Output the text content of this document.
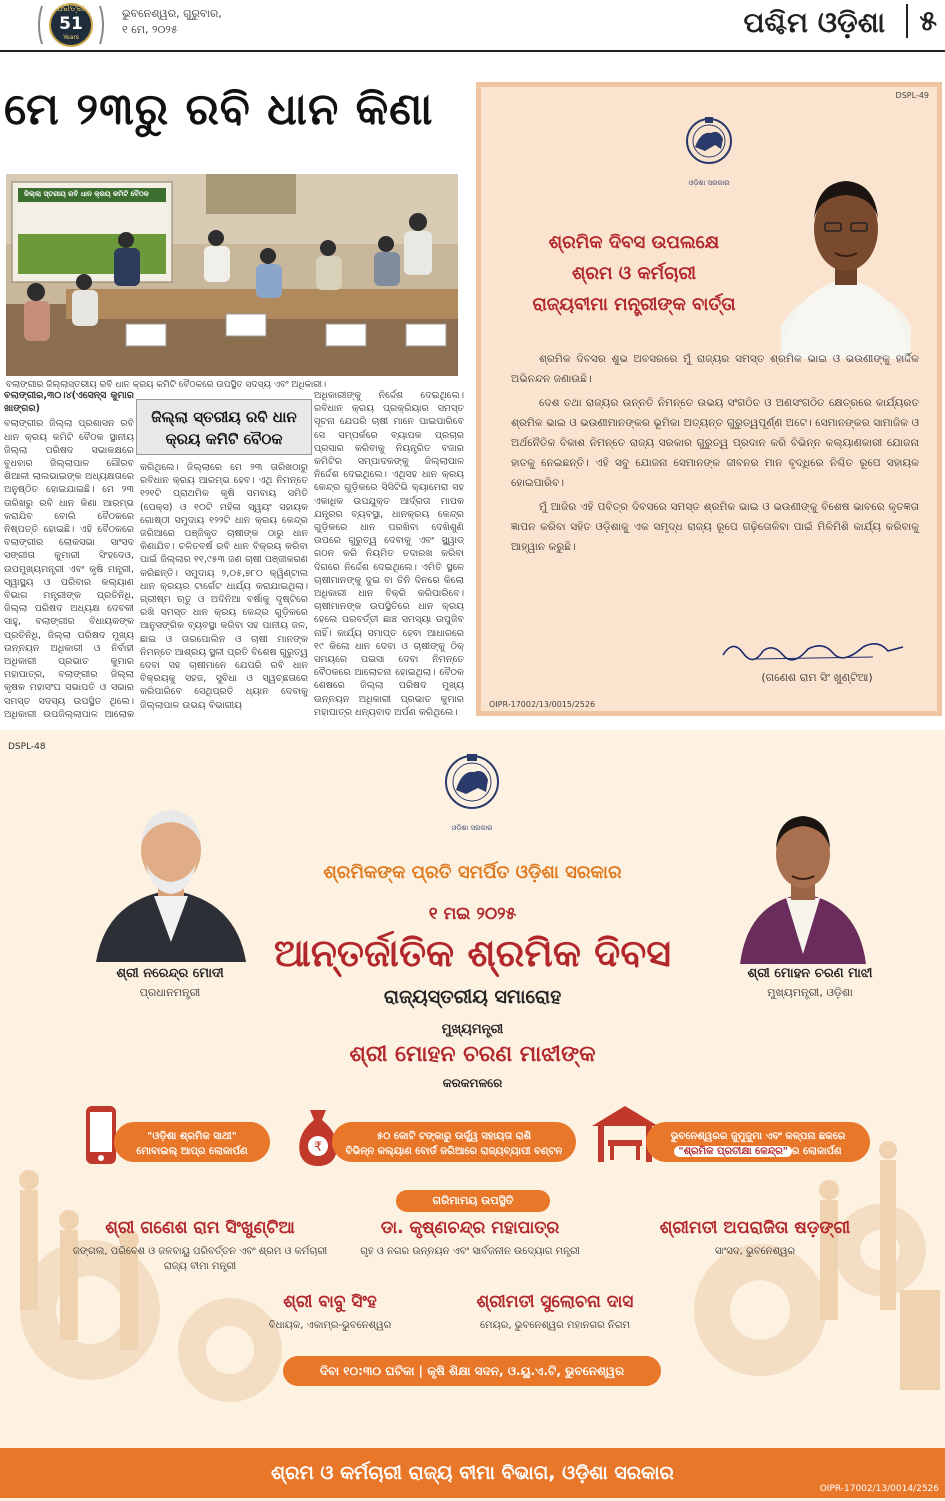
ଧରିତ୍ରୀ
51
Years
ଭୁବନେଶ୍ୱର, ଗୁରୁବାର,
୧ ମେ, ୨୦୨୫	ପଶ୍ଚିମ ଓଡ଼ିଶା	୫
ମେ ୨୩ରୁ ରବି ଧାନ କିଣା
ଜିଲ୍ଲା ସ୍ତରୀୟ ରବି ଧାନ କ୍ରୟ କମିଟି ବୈଠକ
ବଲାଙ୍ଗୀର ଜିଲ୍ଲାସ୍ତରୀୟ ରବି ଧାନ କ୍ରୟ କମିଟି ବୈଠକରେ ଉପସ୍ଥିତ ସଦସ୍ୟ ଏବଂ ଅଧିକାରୀ।
ଜିଲ୍ଲା ସ୍ତରୀୟ ରବି ଧାନ
କ୍ରୟ କମିଟି ବୈଠକ

ବଲାଙ୍ଗୀର,୩୦।୪(ଏସେନ୍ସ କୁମାର ଖାଙ୍ଗର)

ବଲାଙ୍ଗୀର ଜିଲ୍ଲା ପ୍ରଶାସନ ରବି ଧାନ କ୍ରୟ କମିଟି ବୈଠକ ସ୍ଥାନୀୟ ଜିଲ୍ଲା ପରିଷଦ ସଭାକକ୍ଷରେ ବୁଧବାର ଜିଲ୍ଲାପାଳ ଗୌରବ ଶିଆଳୀ ଲାଲଭାଇଙ୍କ ଅଧ୍ୟକ୍ଷତାରେ ଅନୁଷ୍ଠିତ ହୋଇଯାଇଛି। ମେ ୨୩ ତାରିଖରୁ ରବି ଧାନ କିଣା ଆରମ୍ଭ କରାଯିବ ବୋଲି ବୈଠକରେ ନିଷ୍ପତ୍ତି ହୋଇଛି। ଏହି ବୈଠକରେ ବଲାଙ୍ଗୀର ଲୋକସଭା ସାଂସଦ ସଙ୍ଗୀତା କୁମାରୀ ସିଂହଦେଓ, ଉପମୁଖ୍ୟମନ୍ତ୍ରୀ ଏବଂ କୃଷି ମନ୍ତ୍ରୀ, ସ୍ୱାସ୍ଥ୍ୟ ଓ ପରିବାର କଲ୍ୟାଣ ବିଭାଗ ମନ୍ତ୍ରୀଙ୍କ ପ୍ରତିନିଧି, ଜିଲ୍ଲା ପରିଷଦ ଅଧ୍ୟକ୍ଷ ଦେବକୀ ସାହୁ, ବଲାଙ୍ଗୀର ବିଧାୟକଙ୍କ ପ୍ରତିନିଧି, ଜିଲ୍ଲା ପରିଷଦ ମୁଖ୍ୟ ଉନ୍ନୟନ ଅଧିକାରୀ ଓ ନିର୍ବାହୀ ଅଧିକାରୀ ପ୍ରଭାତ କୁମାର ମହାପାତ୍ର, ବଲାଙ୍ଗୀର ଜିଲ୍ଲା କୃଷକ ମହାସଂଘ ସଭାପତି ଓ ସଭାର ସମସ୍ତ ସଦସ୍ୟ ଉପସ୍ଥିତ ଥିଲେ। ଅଧିକାରୀ ଉପଜିଲ୍ଲାପାଳ ଆଲୋକ

କରିଥିଲେ। ଜିଲ୍ଲାରେ ମେ ୨୩ ତାରିଖଠାରୁ ରବିଧାନ କ୍ରୟ ଆରମ୍ଭ ହେବ। ଏଥି ନିମନ୍ତେ ୧୨୧ଟି ପ୍ରାଥମିକ କୃଷି ସମବାୟ ସମିତି (ପେକ୍ସ) ଓ ୧୦ଟି ମହିଳା ସ୍ୱୟଂ ସହାୟକ ଗୋଷ୍ଠୀ ସମୁଦାୟ ୧୨୨ଟି ଧାନ କ୍ରୟ କେନ୍ଦ୍ର ଜରିଆରେ ପଞ୍ଜିକୃତ ଚାଷୀଙ୍କ ଠାରୁ ଧାନ କିଣାଯିବ। ଚଳିତବର୍ଷ ରବି ଧାନ ବିକ୍ରୟ କରିବା ପାଇଁ ଜିଲ୍ଲାର ୧୧,୯୫୩ ଜଣ ଚାଷୀ ପଞ୍ଜୀକରଣ କରିଛନ୍ତି। ସମୁଦାୟ ୨,୦୫,୭୮୦ କ୍ୱିଣ୍ଟାଲ ଧାନ କ୍ରୟର ଟାର୍ଗେଟ ଧାର୍ଯ୍ୟ କରାଯାଇଥିଲା। ଗ୍ରୀଷ୍ମ ଋତୁ ଓ ଅଦିନିଆ ବର୍ଷାକୁ ଦୃଷ୍ଟିରେ ରଖି ସମସ୍ତ ଧାନ କ୍ରୟ କେନ୍ଦ୍ର ଗୁଡ଼ିକରେ ଆନୁସଙ୍ଗିକ ବ୍ୟବସ୍ଥା କରିବା ସହ ପାନୀୟ ଜଳ, ଛାଇ ଓ ତାରପୋଲିନ ଓ ଚାଷୀ ମାନଙ୍କ ନିମନ୍ତେ ଆଶ୍ରୟ ସ୍ଥଳୀ ପ୍ରତି ବିଶେଷ ଗୁରୁତ୍ୱ ଦେବା ସହ ଚାଷୀମାନେ ଯେପରି ରବି ଧାନ ବିକ୍ରୟକୁ ସହଜ, ସୁବିଧା ଓ ସ୍ୱଚ୍ଛତାରେ କରିପାରିବେ ସେଥିପ୍ରତି ଧ୍ୟାନ ଦେବାକୁ ଜିଲ୍ଲାପାଳ ଉଭୟ ବିଭାଗୀୟ

ଅଧିକାରୀଙ୍କୁ ନିର୍ଦ୍ଦେଶ ଦେଇଥିଲେ। ରବିଧାନ କ୍ରୟ ପ୍ରକ୍ରିୟାର ସମସ୍ତ ସୂଚନା ଯେପରି ଚାଷୀ ମାନେ ପାଇପାରିବେ ସେ ସମ୍ପର୍କରେ ବ୍ୟାପକ ପ୍ରଚାର ପ୍ରସାର କରିବାକୁ ନିୟନ୍ତ୍ରିତ ବଜାର କମିଟିର ସମ୍ପାଦକଙ୍କୁ ଜିଲ୍ଲାପାଳ ନିର୍ଦ୍ଦେଶ ଦେଇଥିଲେ। ଏଥିସହ ଧାନ କ୍ରୟ କେନ୍ଦ୍ର ଗୁଡ଼ିକରେ ସିସିଟିଭି କ୍ୟାମେରା ସହ ଏକାଧିକ ଉପଯୁକ୍ତ ଆର୍ଦ୍ରତା ମାପକ ଯନ୍ତ୍ରର ବ୍ୟବସ୍ଥା, ଧାନକ୍ରୟ କେନ୍ଦ୍ର ଗୁଡ଼ିକରେ ଧାନ ପରଖିବା ଦେଖିଶୁଣି ଉପରେ ଗୁରୁତ୍ୱ ଦେବାକୁ ଏବଂ ସ୍କ୍ୱାଡ୍ ଗଠନ କରି ନିୟମିତ ତଦାରଖ କରିବା ଦିଗରେ ନିର୍ଦ୍ଦେଶ ଦେଇଥିଲେ। ଏମିତି ସ୍ଥଳେ ଚାଷୀମାନଙ୍କୁ ଦୁଇ ବା ତିନି ଦିନରେ କିଲୋ ଅଧିକାରୀ ଧାନ ବିକ୍ରି କରିପାରିବେ। ଚାଷୀମାନଙ୍କ ଉପସ୍ଥିତିରେ ଧାନ କ୍ରୟ ହେଲେ ପରବର୍ତ୍ତୀ ଛାଞ୍ଚ ସମସ୍ୟା ଉପୁଜିବ ନାହିଁ। କାର୍ଯ୍ୟ ସମାପ୍ତ ହେବା ଆଧାରରେ ୧୯ କିଲୋ ଧାନ ଦେବା ଓ ଚାଷୀଙ୍କୁ ଠିକ୍ ସମୟରେ ପଇସା ଦେବା ନିମନ୍ତେ ବୈଠକରେ ଆଲୋଚନା ହୋଇଥିଲା। ବୈଠକ ଶେଷରେ ଜିଲ୍ଲା ପରିଷଦ ମୁଖ୍ୟ ଉନ୍ନୟନ ଅଧିକାରୀ ପ୍ରଭାତ କୁମାର ମହାପାତ୍ର ଧନ୍ୟବାଦ ଅର୍ପଣ କରିଥିଲେ।

DSPL-49
ଓଡ଼ିଶା ସରକାର
ଶ୍ରମିକ ଦିବସ ଉପଲକ୍ଷେ
ଶ୍ରମ ଓ କର୍ମଚାରୀ
ରାଜ୍ୟବୀମା ମନ୍ତ୍ରୀଙ୍କ ବାର୍ତ୍ତା

ଶ୍ରମିକ ଦିବସର ଶୁଭ ଅବସରରେ ମୁଁ ରାଜ୍ୟର ସମସ୍ତ ଶ୍ରମିକ ଭାଇ ଓ ଭଉଣୀଙ୍କୁ ହାର୍ଦ୍ଦିକ ଅଭିନନ୍ଦନ ଜଣାଉଛି।

ଦେଶ ତଥା ରାଜ୍ୟର ଉନ୍ନତି ନିମନ୍ତେ ଉଭୟ ସଂଗଠିତ ଓ ଅଣସଂଗଠିତ କ୍ଷେତ୍ରରେ କାର୍ଯ୍ୟରତ ଶ୍ରମିକ ଭାଇ ଓ ଭଉଣୀମାନଙ୍କର ଭୂମିକା ଅତ୍ୟନ୍ତ ଗୁରୁତ୍ୱପୂର୍ଣ୍ଣ ଅଟେ। ସେମାନଙ୍କର ସାମାଜିକ ଓ ଅର୍ଥନୈତିକ ବିକାଶ ନିମନ୍ତେ ରାଜ୍ୟ ସରକାର ଗୁରୁତ୍ୱ ପ୍ରଦାନ କରି ବିଭିନ୍ନ କଲ୍ୟାଣକାରୀ ଯୋଜନା ହାତକୁ ନେଇଛନ୍ତି। ଏହି ସବୁ ଯୋଜନା ସେମାନଙ୍କ ଜୀବନର ମାନ ବୃଦ୍ଧିରେ ନିଶ୍ଚିତ ରୂପେ ସହାୟକ ହୋଇପାରିବ।

ମୁଁ ଆଜିର ଏହି ପବିତ୍ର ଦିବସରେ ସମସ୍ତ ଶ୍ରମିକ ଭାଇ ଓ ଭଉଣୀଙ୍କୁ ବିଶେଷ ଭାବରେ କୃତଜ୍ଞତା ଜ୍ଞାପନ କରିବା ସହିତ ଓଡ଼ିଶାକୁ ଏକ ସମୃଦ୍ଧ ରାଜ୍ୟ ରୂପେ ଗଢ଼ିତୋଳିବା ପାଇଁ ମିଳିମିଶି କାର୍ଯ୍ୟ କରିବାକୁ ଆହ୍ୱାନ କରୁଛି।

(ଗଣେଶ ରାମ ସିଂ ଖୁଣ୍ଟିଆ)
OIPR-17002/13/0015/2526
DSPL-48
ଓଡ଼ିଶା ସରକାର
ଶ୍ରୀ ନରେନ୍ଦ୍ର ମୋଦୀ
ପ୍ରଧାନମନ୍ତ୍ରୀ
ଶ୍ରୀ ମୋହନ ଚରଣ ମାଝୀ
ମୁଖ୍ୟମନ୍ତ୍ରୀ, ଓଡ଼ିଶା
ଶ୍ରମିକଙ୍କ ପ୍ରତି ସମର୍ପିତ ଓଡ଼ିଶା ସରକାର
୧ ମଇ ୨୦୨୫
ଆନ୍ତର୍ଜାତିକ ଶ୍ରମିକ ଦିବସ
ରାଜ୍ୟସ୍ତରୀୟ ସମାରୋହ
ମୁଖ୍ୟମନ୍ତ୍ରୀ
ଶ୍ରୀ ମୋହନ ଚରଣ ମାଝୀଙ୍କ
କରକମଳରେ
"ଓଡ଼ିଶା ଶ୍ରମିକ ସାଥୀ"
ମୋବାଇଲ୍ ଆପ୍‌ର ଲୋକାର୍ପଣ	₹
୫୦ କୋଟି ଟଙ୍କାରୁ ଊର୍ଦ୍ଧ୍ୱ ସହାୟତା ରାଶି
ବିଭିନ୍ନ କଲ୍ୟାଣ ବୋର୍ଡ ଜରିଆରେ ରାଜ୍ୟବ୍ୟାପୀ ବଣ୍ଟନ
ଭୁବନେଶ୍ୱରର ଜୁମୁଜୁମା ଏବଂ କଳ୍ପନା ଛକରେ
"ଶ୍ରମିକ ପ୍ରତୀକ୍ଷା କେନ୍ଦ୍ର" ର ଲୋକାର୍ପଣ
ଗରିମାମୟ ଉପସ୍ଥିତି
ଶ୍ରୀ ଗଣେଶ ରାମ ସିଂଖୁଣ୍ଟିଆ
ଜଙ୍ଗଲ, ପରିବେଶ ଓ ଜଳବାୟୁ ପରିବର୍ତ୍ତନ ଏବଂ ଶ୍ରମ ଓ କର୍ମଚାରୀ ରାଜ୍ୟ ବୀମା ମନ୍ତ୍ରୀ
ଡା. କୃଷ୍ଣଚନ୍ଦ୍ର ମହାପାତ୍ର
ଗୃହ ଓ ନଗର ଉନ୍ନୟନ ଏବଂ ସାର୍ବଜନୀନ ଉଦ୍ୟୋଗ ମନ୍ତ୍ରୀ
ଶ୍ରୀମତୀ ଅପରାଜିତା ଷଡ଼ଙ୍ଗୀ
ସାଂସଦ, ଭୁବନେଶ୍ୱର
ଶ୍ରୀ ବାବୁ ସିଂହ
ବିଧାୟକ, ଏକାମ୍ର-ଭୁବନେଶ୍ୱର
ଶ୍ରୀମତୀ ସୁଲୋଚନା ଦାସ
ମେୟର, ଭୁବନେଶ୍ୱର ମହାନଗର ନିଗମ
ଦିବା ୧୦:୩୦ ଘଟିକା | କୃଷି ଶିକ୍ଷା ସଦନ, ଓ.ୟୁ.ଏ.ଟି, ଭୁବନେଶ୍ୱର
ଶ୍ରମ ଓ କର୍ମଚାରୀ ରାଜ୍ୟ ବୀମା ବିଭାଗ, ଓଡ଼ିଶା ସରକାର
OIPR-17002/13/0014/2526
